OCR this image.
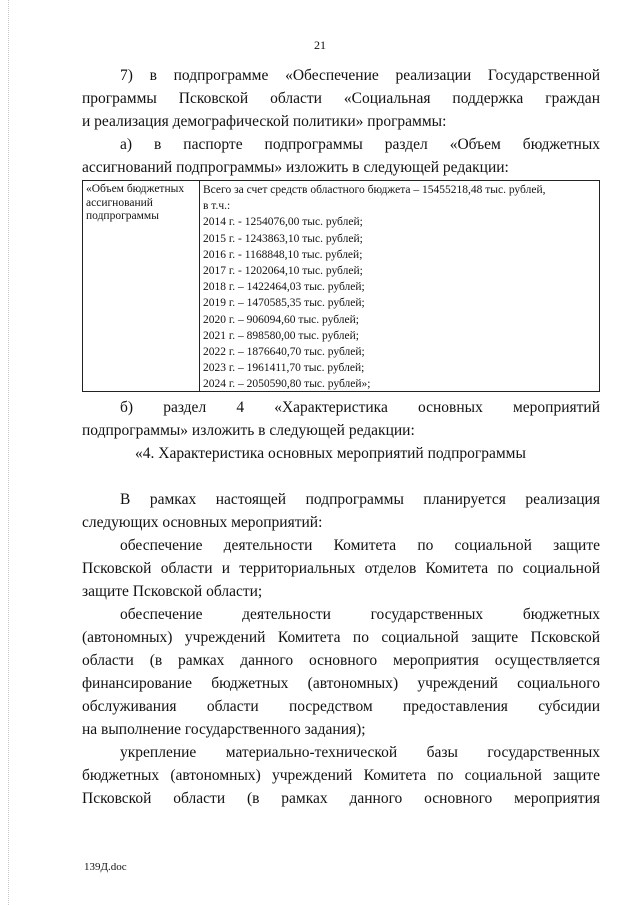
21
7) в подпрограмме «Обеспечение реализации Государственной
программы Псковской области «Социальная поддержка граждан
и реализация демографической политики» программы:
а) в паспорте подпрограммы раздел «Объем бюджетных
ассигнований подпрограммы» изложить в следующей редакции:
«Объем бюджетных ассигнований подпрограммы
Всего за счет средств областного бюджета – 15455218,48 тыс. рублей,
в т.ч.:
2014 г. - 1254076,00 тыс. рублей;
2015 г. - 1243863,10 тыс. рублей;
2016 г. - 1168848,10 тыс. рублей;
2017 г. - 1202064,10 тыс. рублей;
2018 г. – 1422464,03 тыс. рублей;
2019 г. – 1470585,35 тыс. рублей;
2020 г. – 906094,60 тыс. рублей;
2021 г. – 898580,00 тыс. рублей;
2022 г. – 1876640,70 тыс. рублей;
2023 г. – 1961411,70 тыс. рублей;
2024 г. – 2050590,80 тыс. рублей»;
б) раздел 4 «Характеристика основных мероприятий
подпрограммы» изложить в следующей редакции:
«4. Характеристика основных мероприятий подпрограммы
В рамках настоящей подпрограммы планируется реализация
следующих основных мероприятий:
обеспечение деятельности Комитета по социальной защите
Псковской области и территориальных отделов Комитета по социальной
защите Псковской области;
обеспечение деятельности государственных бюджетных
(автономных) учреждений Комитета по социальной защите Псковской
области (в рамках данного основного мероприятия осуществляется
финансирование бюджетных (автономных) учреждений социального
обслуживания области посредством предоставления субсидии
на выполнение государственного задания);
укрепление материально-технической базы государственных
бюджетных (автономных) учреждений Комитета по социальной защите
Псковской области (в рамках данного основного мероприятия
139Д.doc
